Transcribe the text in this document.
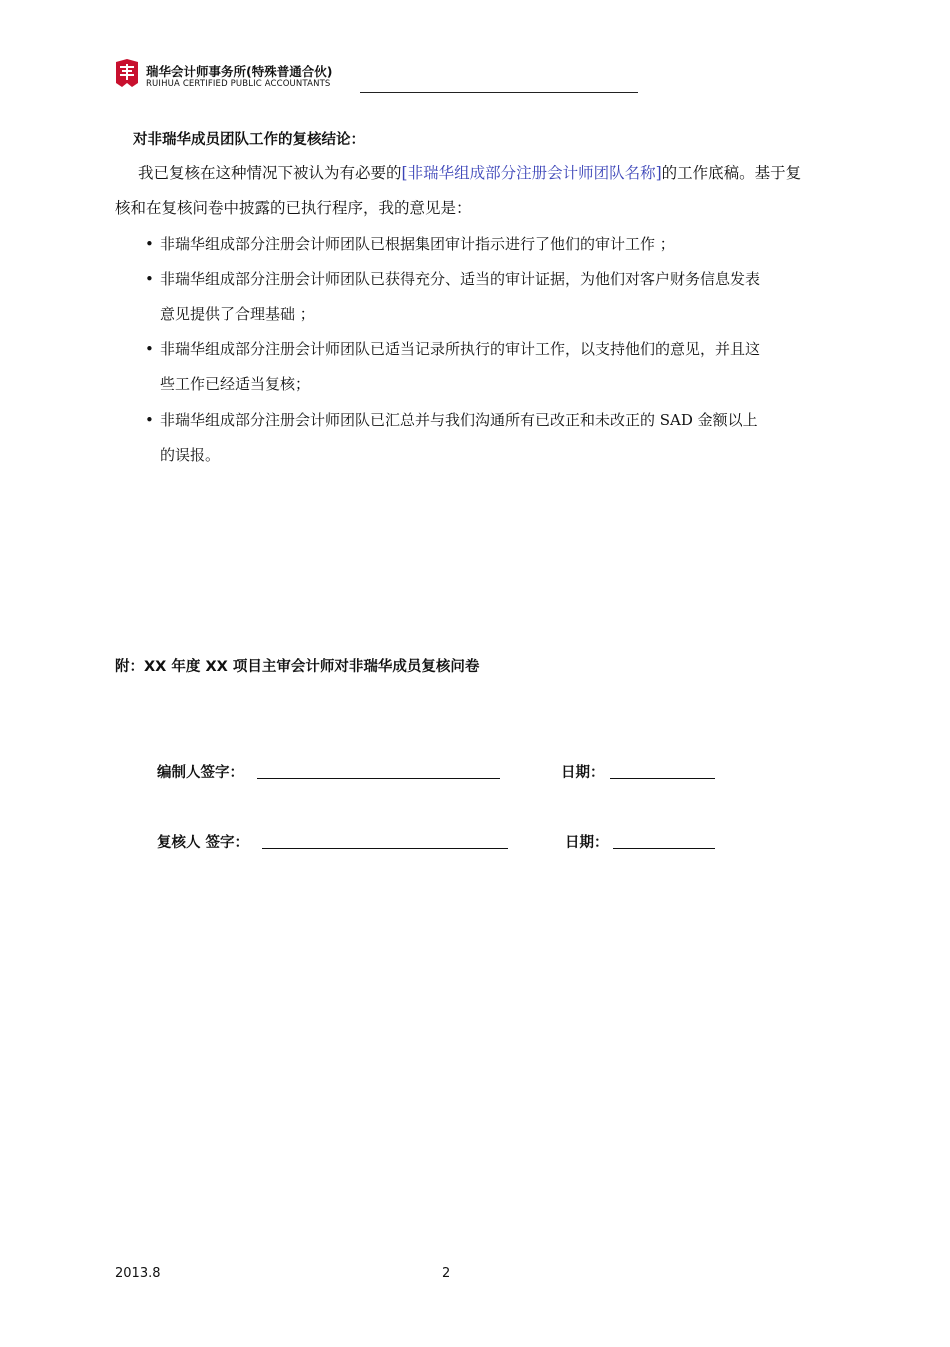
瑞华会计师事务所(特殊普通合伙)
RUIHUA CERTIFIED PUBLIC ACCOUNTANTS
对非瑞华成员团队工作的复核结论：
我已复核在这种情况下被认为有必要的[非瑞华组成部分注册会计师团队名称]的工作底稿。基于复
核和在复核问卷中披露的已执行程序，我的意见是：
• 非瑞华组成部分注册会计师团队已根据集团审计指示进行了他们的审计工作 ；
• 非瑞华组成部分注册会计师团队已获得充分、适当的审计证据，为他们对客户财务信息发表
意见提供了合理基础 ；
• 非瑞华组成部分注册会计师团队已适当记录所执行的审计工作，以支持他们的意见，并且这
些工作已经适当复核；
• 非瑞华组成部分注册会计师团队已汇总并与我们沟通所有已改正和未改正的 SAD 金额以上
的误报。
附：XX 年度 XX 项目主审会计师对非瑞华成员复核问卷
编制人签字：	日期：
复核人 签字：	日期：
2013.8	2
